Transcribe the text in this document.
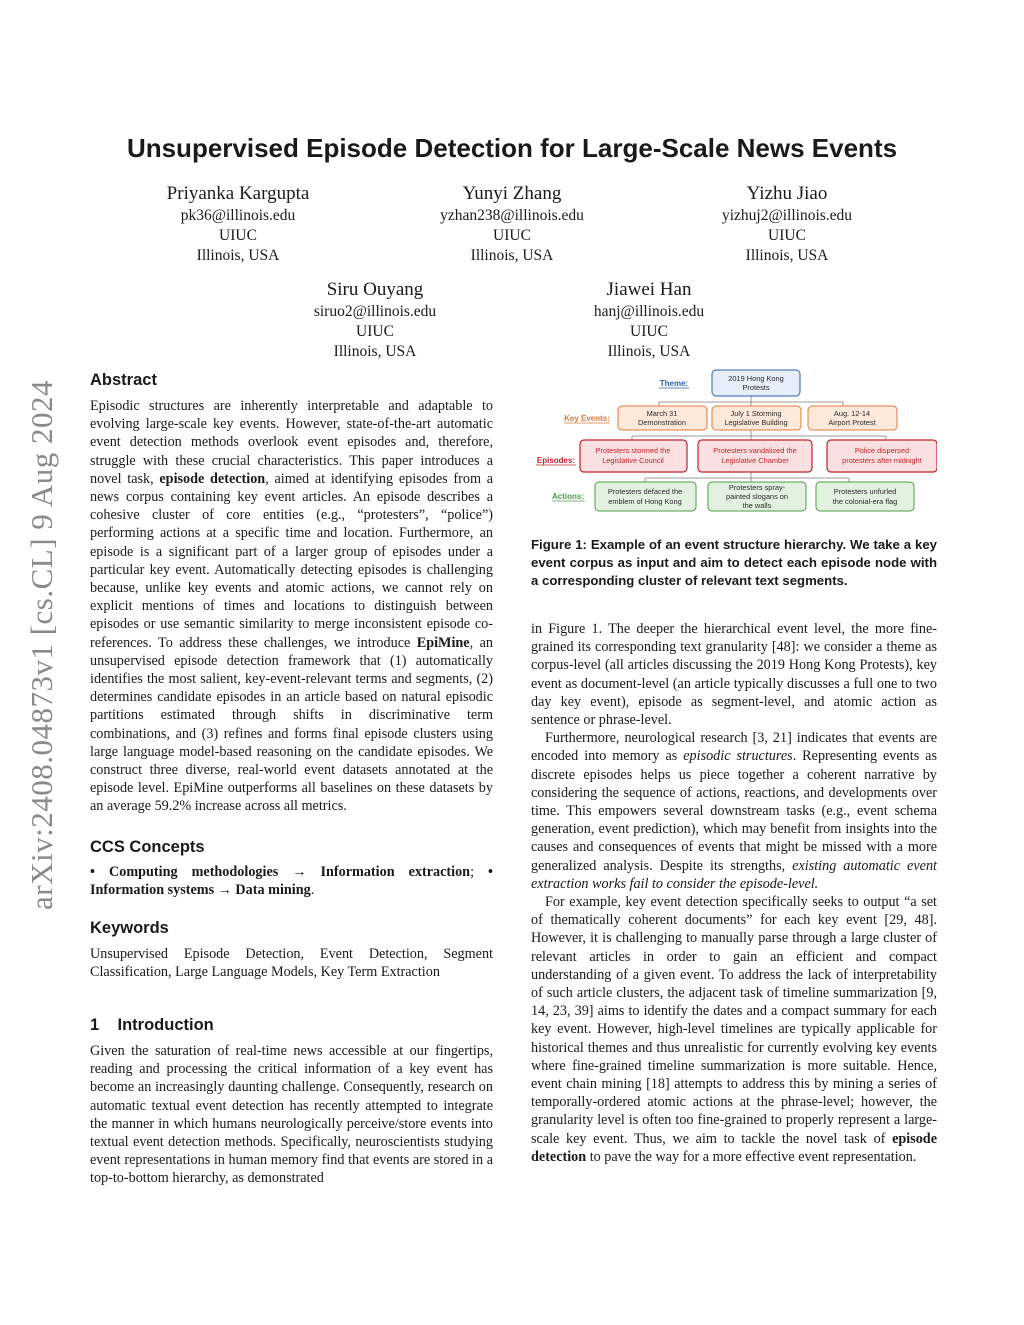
arXiv:2408.04873v1 [cs.CL] 9 Aug 2024
Unsupervised Episode Detection for Large-Scale News Events
Priyanka Kargupta
pk36@illinois.edu
UIUC
Illinois, USA
Yunyi Zhang
yzhan238@illinois.edu
UIUC
Illinois, USA
Yizhu Jiao
yizhuj2@illinois.edu
UIUC
Illinois, USA
Siru Ouyang
siruo2@illinois.edu
UIUC
Illinois, USA
Jiawei Han
hanj@illinois.edu
UIUC
Illinois, USA
Abstract

Episodic structures are inherently interpretable and adaptable to evolving large-scale key events. However, state-of-the-art automatic event detection methods overlook event episodes and, therefore, struggle with these crucial characteristics. This paper introduces a novel task, episode detection, aimed at identifying episodes from a news corpus containing key event articles. An episode describes a cohesive cluster of core entities (e.g., “protesters”, “police”) performing actions at a specific time and location. Furthermore, an episode is a significant part of a larger group of episodes under a particular key event. Automatically detecting episodes is challenging because, unlike key events and atomic actions, we cannot rely on explicit mentions of times and locations to distinguish between episodes or use semantic similarity to merge inconsistent episode co-references. To address these challenges, we introduce EpiMine, an unsupervised episode detection framework that (1) automatically identifies the most salient, key-event-relevant terms and segments, (2) determines candidate episodes in an article based on natural episodic partitions estimated through shifts in discriminative term combinations, and (3) refines and forms final episode clusters using large language model-based reasoning on the candidate episodes. We construct three diverse, real-world event datasets annotated at the episode level. EpiMine outperforms all baselines on these datasets by an average 59.2% increase across all metrics.

CCS Concepts

• Computing methodologies → Information extraction; • Information systems → Data mining.

Keywords

Unsupervised Episode Detection, Event Detection, Segment Classification, Large Language Models, Key Term Extraction

1    Introduction

Given the saturation of real-time news accessible at our fingertips, reading and processing the critical information of a key event has become an increasingly daunting challenge. Consequently, research on automatic textual event detection has recently attempted to integrate the manner in which humans neurologically perceive/store events into textual event detection methods. Specifically, neuroscientists studying event representations in human memory find that events are stored in a top-to-bottom hierarchy, as demonstrated

Theme:
Key Events:
Episodes:
Actions:
2019 Hong Kong
Protests
March 31
Demonstration
July 1 Storming
Legislative Building
Aug. 12-14
Airport Protest
Protesters stormed the
Legislative Council
Protesters vandalized the
Legislative Chamber
Police dispersed
protesters after midnight
Protesters defaced the
emblem of Hong Kong
Protesters spray-
painted slogans on
the walls
Protesters unfurled
the colonial-era flag

Figure 1: Example of an event structure hierarchy. We take a key event corpus as input and aim to detect each episode node with a corresponding cluster of relevant text segments.

in Figure 1. The deeper the hierarchical event level, the more fine-grained its corresponding text granularity [48]: we consider a theme as corpus-level (all articles discussing the 2019 Hong Kong Protests), key event as document-level (an article typically discusses a full one to two day key event), episode as segment-level, and atomic action as sentence or phrase-level.

Furthermore, neurological research [3, 21] indicates that events are encoded into memory as episodic structures. Representing events as discrete episodes helps us piece together a coherent narrative by considering the sequence of actions, reactions, and developments over time. This empowers several downstream tasks (e.g., event schema generation, event prediction), which may benefit from insights into the causes and consequences of events that might be missed with a more generalized analysis. Despite its strengths, existing automatic event extraction works fail to consider the episode-level.

For example, key event detection specifically seeks to output “a set of thematically coherent documents” for each key event [29, 48]. However, it is challenging to manually parse through a large cluster of relevant articles in order to gain an efficient and compact understanding of a given event. To address the lack of interpretability of such article clusters, the adjacent task of timeline summarization [9, 14, 23, 39] aims to identify the dates and a compact summary for each key event. However, high-level timelines are typically applicable for historical themes and thus unrealistic for currently evolving key events where fine-grained timeline summarization is more suitable. Hence, event chain mining [18] attempts to address this by mining a series of temporally-ordered atomic actions at the phrase-level; however, the granularity level is often too fine-grained to properly represent a large-scale key event. Thus, we aim to tackle the novel task of episode detection to pave the way for a more effective event representation.
